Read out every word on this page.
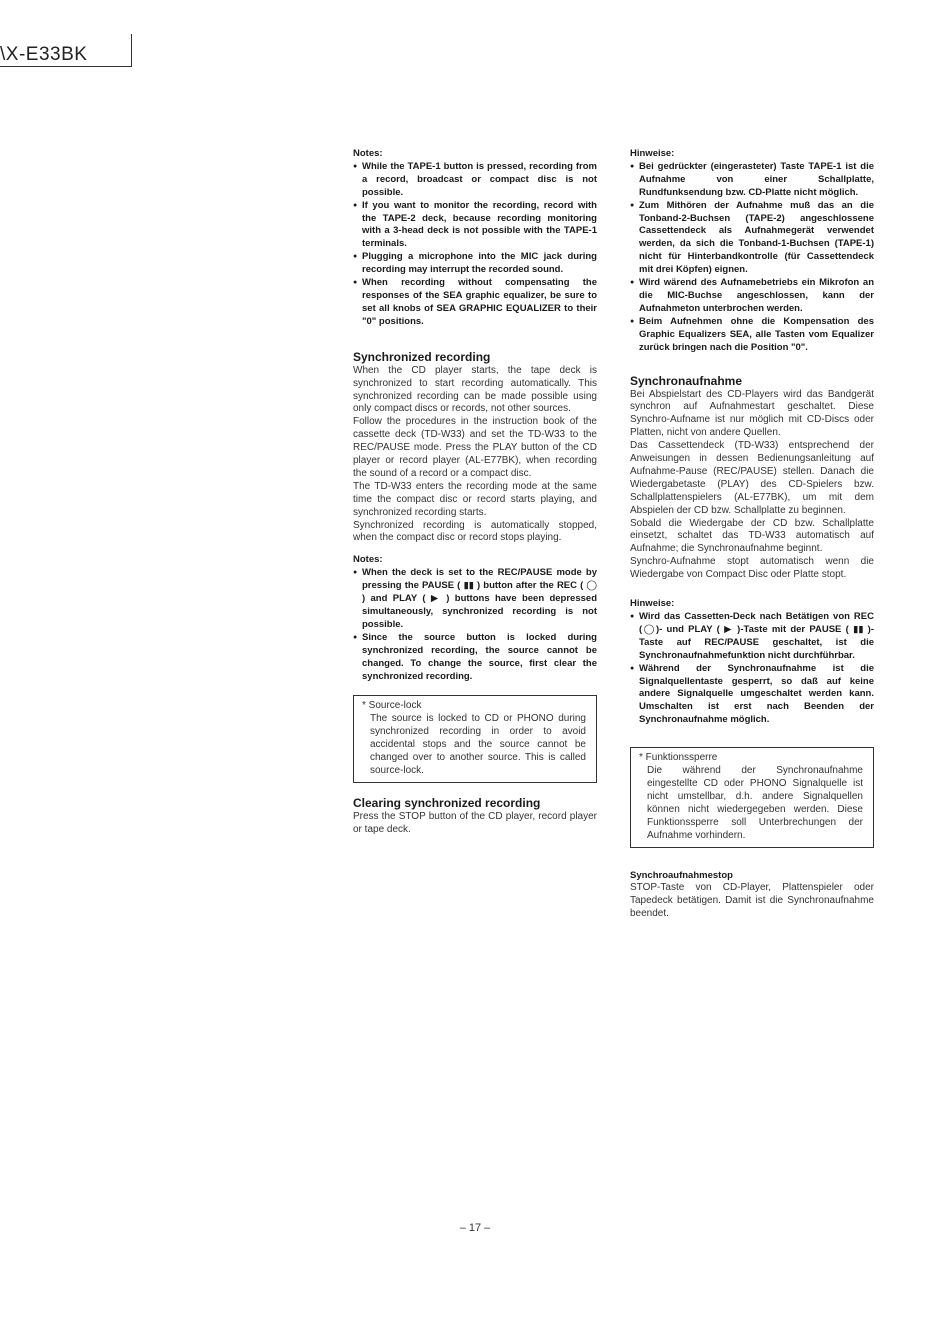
\X-E33BK

Notes:

● While the TAPE-1 button is pressed, recording from a record, broadcast or compact disc is not possible.
● If you want to monitor the recording, record with the TAPE-2 deck, because recording monitoring with a 3-head deck is not possible with the TAPE-1 terminals.
● Plugging a microphone into the MIC jack during recording may interrupt the recorded sound.
● When recording without compensating the responses of the SEA graphic equalizer, be sure to set all knobs of SEA GRAPHIC EQUALIZER to their "0" positions.
Synchronized recording

When the CD player starts, the tape deck is synchronized to start recording automatically. This synchronized recording can be made possible using only compact discs or records, not other sources.

Follow the procedures in the instruction book of the cassette deck (TD-W33) and set the TD-W33 to the REC/PAUSE mode. Press the PLAY button of the CD player or record player (AL-E77BK), when recording the sound of a record or a compact disc.

The TD-W33 enters the recording mode at the same time the compact disc or record starts playing, and synchronized recording starts.

Synchronized recording is automatically stopped, when the compact disc or record stops playing.

Notes:

● When the deck is set to the REC/PAUSE mode by pressing the PAUSE ( ▮▮ ) button after the REC ( ◯ ) and PLAY ( ▶ ) buttons have been depressed simultaneously, synchronized recording is not possible.
● Since the source button is locked during synchronized recording, the source cannot be changed. To change the source, first clear the synchronized recording.

* Source-lock

The source is locked to CD or PHONO during synchronized recording in order to avoid accidental stops and the source cannot be changed over to another source. This is called source-lock.

Clearing synchronized recording

Press the STOP button of the CD player, record player or tape deck.

Hinweise:

● Bei gedrückter (eingerasteter) Taste TAPE-1 ist die Aufnahme von einer Schallplatte, Rundfunksendung bzw. CD-Platte nicht möglich.
● Zum Mithören der Aufnahme muß das an die Tonband-2-Buchsen (TAPE-2) angeschlossene Cassettendeck als Aufnahmegerät verwendet werden, da sich die Tonband-1-Buchsen (TAPE-1) nicht für Hinterbandkontrolle (für Cassettendeck mit drei Köpfen) eignen.
● Wird wärend des Aufnamebetriebs ein Mikrofon an die MIC-Buchse angeschlossen, kann der Aufnahmeton unterbrochen werden.
● Beim Aufnehmen ohne die Kompensation des Graphic Equalizers SEA, alle Tasten vom Equalizer zurück bringen nach die Position "0".
Synchronaufnahme

Bei Abspielstart des CD-Players wird das Bandgerät synchron auf Aufnahmestart geschaltet. Diese Synchro-Aufname ist nur möglich mit CD-Discs oder Platten, nicht von andere Quellen.

Das Cassettendeck (TD-W33) entsprechend der Anweisungen in dessen Bedienungsanleitung auf Aufnahme-Pause (REC/PAUSE) stellen. Danach die Wiedergabetaste (PLAY) des CD-Spielers bzw. Schallplattenspielers (AL-E77BK), um mit dem Abspielen der CD bzw. Schallplatte zu beginnen.

Sobald die Wiedergabe der CD bzw. Schallplatte einsetzt, schaltet das TD-W33 automatisch auf Aufnahme; die Synchronaufnahme beginnt.

Synchro-Aufnahme stopt automatisch wenn die Wiedergabe von Compact Disc oder Platte stopt.

Hinweise:

● Wird das Cassetten-Deck nach Betätigen von REC (◯)- und PLAY ( ▶ )-Taste mit der PAUSE ( ▮▮ )-Taste auf REC/PAUSE geschaltet, ist die Synchronaufnahmefunktion nicht durchführbar.
● Während der Synchronaufnahme ist die Signalquellentaste gesperrt, so daß auf keine andere Signalquelle umgeschaltet werden kann. Umschalten ist erst nach Beenden der Synchronaufnahme möglich.

* Funktionssperre

Die während der Synchronaufnahme eingestellte CD oder PHONO Signalquelle ist nicht umstellbar, d.h. andere Signalquellen können nicht wiedergegeben werden. Diese Funktionssperre soll Unterbrechungen der Aufnahme vorhindern.

Synchroaufnahmestop

STOP-Taste von CD-Player, Plattenspieler oder Tapedeck betätigen. Damit ist die Synchronaufnahme beendet.

– 17 –
